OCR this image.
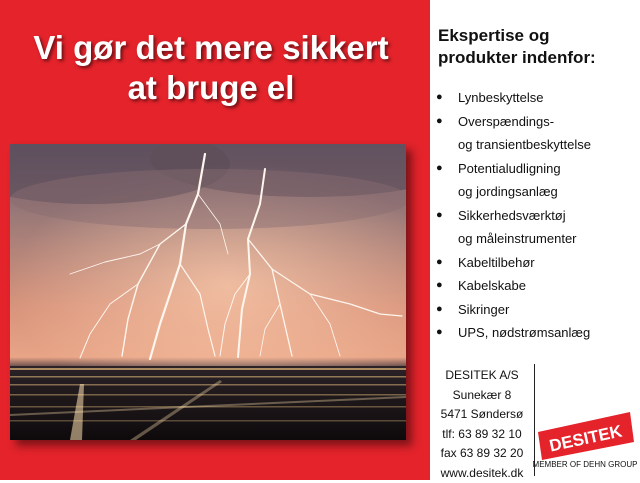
Vi gør det mere sikkert
at bruge el
Ekspertise og
produkter indenfor:
● Lynbeskyttelse
● Overspændings-
og transientbeskyttelse
● Potentialudligning
og jordingsanlæg
● Sikkerhedsværktøj
og måleinstrumenter
● Kabeltilbehør
● Kabelskabe
● Sikringer
● UPS, nødstrømsanlæg
DESITEK A/S
Sunekær 8
5471 Søndersø
tlf: 63 89 32 10
fax 63 89 32 20
www.desitek.dk
DESITEK
MEMBER OF DEHN GROUP
